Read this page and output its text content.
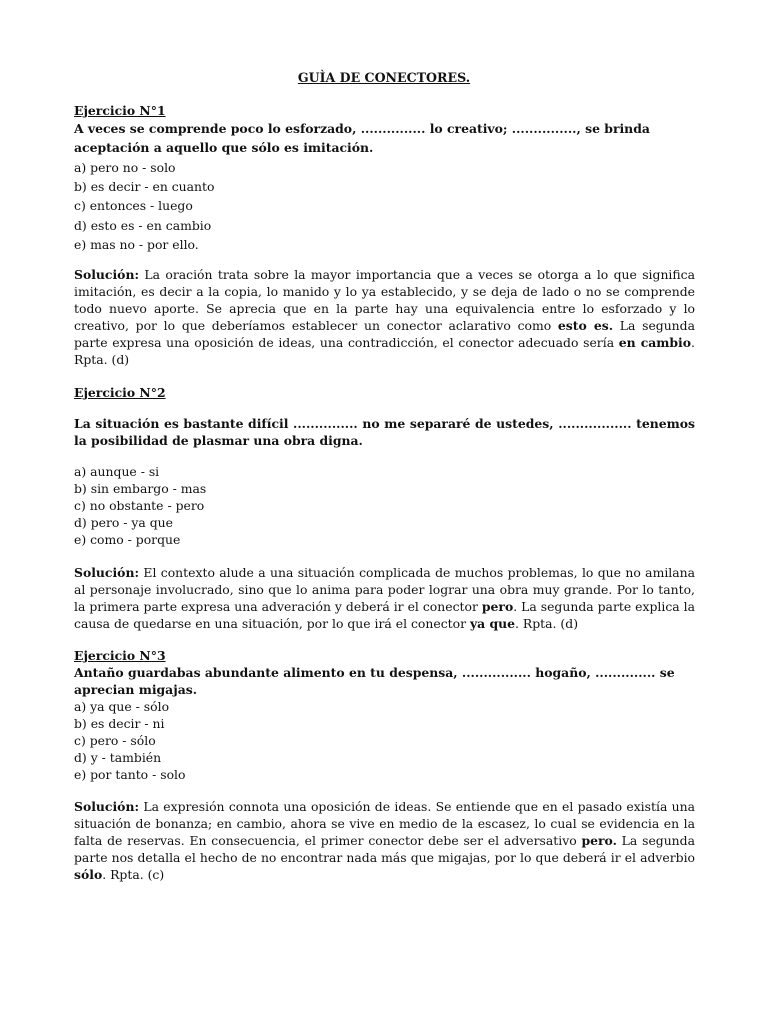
GUÌA DE CONECTORES.

Ejercicio N°1

A veces se comprende poco lo esforzado, ............... lo creativo; ..............., se brinda aceptación a aquello que sólo es imitación.

a) pero no - solo

b) es decir - en cuanto

c) entonces - luego

d) esto es - en cambio

e) mas no - por ello.

Solución: La oración trata sobre la mayor importancia que a veces se otorga a lo que significa imitación, es decir a la copia, lo manido y lo ya establecido, y se deja de lado o no se comprende todo nuevo aporte. Se aprecia que en la parte hay una equivalencia entre lo esforzado y lo creativo, por lo que deberíamos establecer un conector aclarativo como esto es. La segunda parte expresa una oposición de ideas, una contradicción, el conector adecuado sería en cambio. Rpta. (d)

Ejercicio N°2

La situación es bastante difícil ............... no me separaré de ustedes, ................. tenemos la posibilidad de plasmar una obra digna.

a) aunque - si

b) sin embargo - mas

c) no obstante - pero

d) pero - ya que

e) como - porque

Solución: El contexto alude a una situación complicada de muchos problemas, lo que no amilana al personaje involucrado, sino que lo anima para poder lograr una obra muy grande. Por lo tanto, la primera parte expresa una adveración y deberá ir el conector pero. La segunda parte explica la causa de quedarse en una situación, por lo que irá el conector ya que. Rpta. (d)

Ejercicio N°3

Antaño guardabas abundante alimento en tu despensa, ................ hogaño, .............. se aprecian migajas.

a) ya que - sólo

b) es decir - ni

c) pero - sólo

d) y - también

e) por tanto - solo

Solución: La expresión connota una oposición de ideas. Se entiende que en el pasado existía una situación de bonanza; en cambio, ahora se vive en medio de la escasez, lo cual se evidencia en la falta de reservas. En consecuencia, el primer conector debe ser el adversativo pero. La segunda parte nos detalla el hecho de no encontrar nada más que migajas, por lo que deberá ir el adverbio sólo. Rpta. (c)
